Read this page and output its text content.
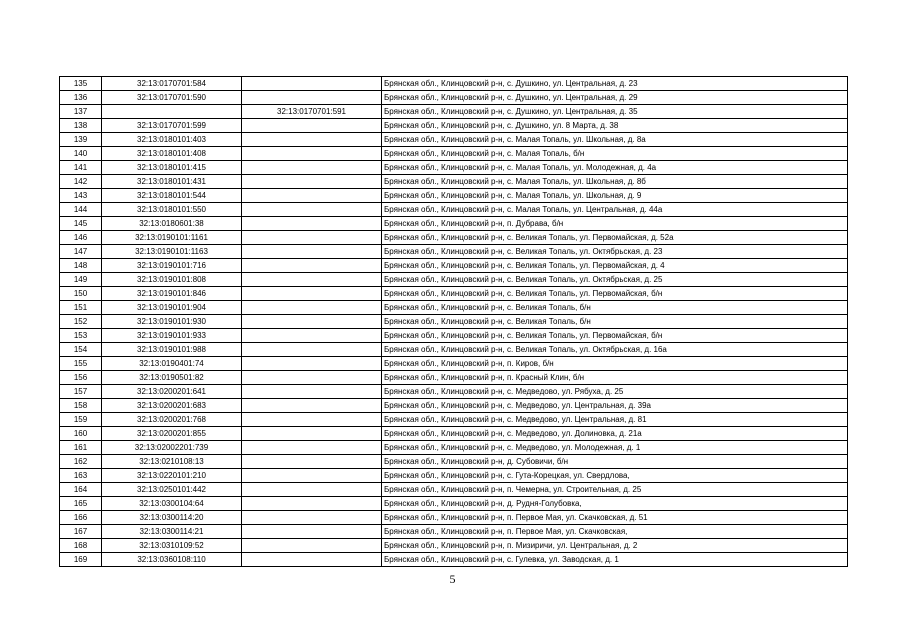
135	32:13:0170701:584		Брянская обл., Клинцовский р-н, с. Душкино, ул. Центральная, д. 23
136	32:13:0170701:590		Брянская обл., Клинцовский р-н, с. Душкино, ул. Центральная, д. 29
137		32:13:0170701:591	Брянская обл., Клинцовский р-н, с. Душкино, ул. Центральная, д. 35
138	32:13:0170701:599		Брянская обл., Клинцовский р-н, с. Душкино, ул. 8 Марта, д. 38
139	32:13:0180101:403		Брянская обл., Клинцовский р-н, с. Малая Топаль, ул. Школьная, д. 8а
140	32:13:0180101:408		Брянская обл., Клинцовский р-н, с. Малая Топаль, б/н
141	32:13:0180101:415		Брянская обл., Клинцовский р-н, с. Малая Топаль, ул. Молодежная, д. 4а
142	32:13:0180101:431		Брянская обл., Клинцовский р-н, с. Малая Топаль, ул. Школьная, д. 8б
143	32:13:0180101:544		Брянская обл., Клинцовский р-н, с. Малая Топаль, ул. Школьная, д. 9
144	32:13:0180101:550		Брянская обл., Клинцовский р-н, с. Малая Топаль, ул. Центральная, д. 44а
145	32:13:0180601:38		Брянская обл., Клинцовский р-н, п. Дубрава, б/н
146	32:13:0190101:1161		Брянская обл., Клинцовский р-н, с. Великая Топаль, ул. Первомайская, д. 52а
147	32:13:0190101:1163		Брянская обл., Клинцовский р-н, с. Великая Топаль, ул. Октябрьская, д. 23
148	32:13:0190101:716		Брянская обл., Клинцовский р-н, с. Великая Топаль, ул. Первомайская, д. 4
149	32:13:0190101:808		Брянская обл., Клинцовский р-н, с. Великая Топаль, ул. Октябрьская, д. 25
150	32:13:0190101:846		Брянская обл., Клинцовский р-н, с. Великая Топаль, ул. Первомайская, б/н
151	32:13:0190101:904		Брянская обл., Клинцовский р-н, с. Великая Топаль, б/н
152	32:13:0190101:930		Брянская обл., Клинцовский р-н, с. Великая Топаль, б/н
153	32:13:0190101:933		Брянская обл., Клинцовский р-н, с. Великая Топаль, ул. Первомайская, б/н
154	32:13:0190101:988		Брянская обл., Клинцовский р-н, с. Великая Топаль, ул. Октябрьская, д. 16а
155	32:13:0190401:74		Брянская обл., Клинцовский р-н, п. Киров, б/н
156	32:13:0190501:82		Брянская обл., Клинцовский р-н, п. Красный Клин, б/н
157	32:13:0200201:641		Брянская обл., Клинцовский р-н, с. Медведово, ул. Рябуха, д. 25
158	32:13:0200201:683		Брянская обл., Клинцовский р-н, с. Медведово, ул. Центральная, д. 39а
159	32:13:0200201:768		Брянская обл., Клинцовский р-н, с. Медведово, ул. Центральная, д. 81
160	32:13:0200201:855		Брянская обл., Клинцовский р-н, с. Медведово, ул. Долиновка, д. 21а
161	32:13:02002201:739		Брянская обл., Клинцовский р-н, с. Медведово, ул. Молодежная, д. 1
162	32:13:0210108:13		Брянская обл., Клинцовский р-н, д. Субовичи, б/н
163	32:13:0220101:210		Брянская обл., Клинцовский р-н, с. Гута-Корецкая, ул. Свердлова,
164	32:13:0250101:442		Брянская обл., Клинцовский р-н, п. Чемерна, ул. Строительная, д. 25
165	32:13:0300104:64		Брянская обл., Клинцовский р-н, д. Рудня-Голубовка,
166	32:13:0300114:20		Брянская обл., Клинцовский р-н, п. Первое Мая, ул. Скачковская, д. 51
167	32:13:0300114:21		Брянская обл., Клинцовский р-н, п. Первое Мая, ул. Скачковская,
168	32:13:0310109:52		Брянская обл., Клинцовский р-н, п. Мизиричи, ул. Центральная, д. 2
169	32:13:0360108:110		Брянская обл., Клинцовский р-н, с. Гулевка, ул. Заводская, д. 1
5
